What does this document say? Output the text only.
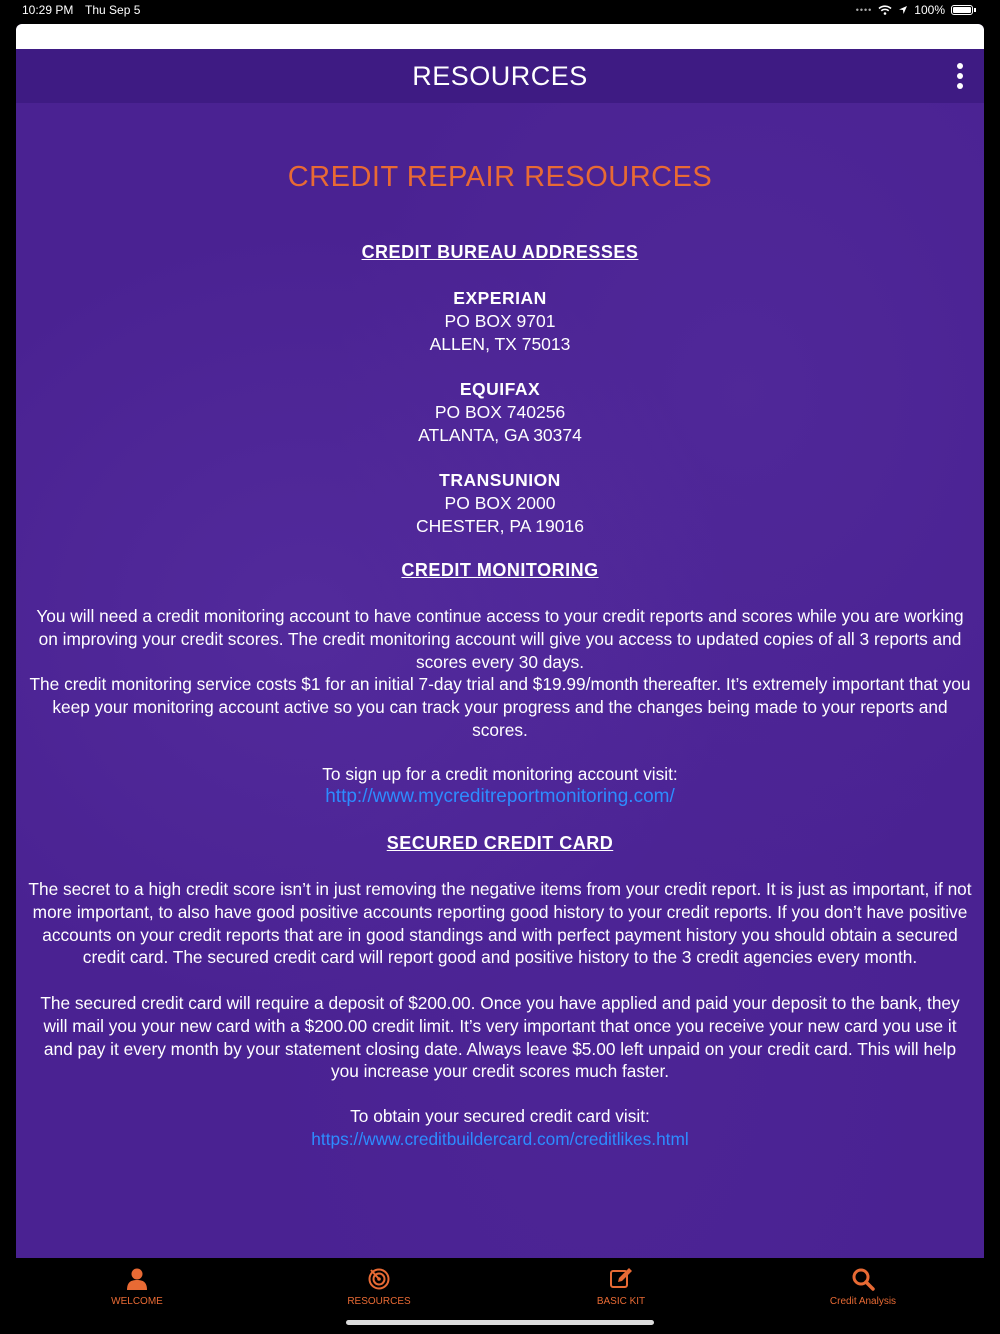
10:29 PM Thu Sep 5	••••	100%
RESOURCES
CREDIT REPAIR RESOURCES
CREDIT BUREAU ADDRESSES
EXPERIAN
PO BOX 9701
ALLEN, TX 75013
EQUIFAX
PO BOX 740256
ATLANTA, GA 30374
TRANSUNION
PO BOX 2000
CHESTER, PA 19016
CREDIT MONITORING
You will need a credit monitoring account to have continue access to your credit reports and scores while you are working on improving your credit scores. The credit monitoring account will give you access to updated copies of all 3 reports and scores every 30 days.
The credit monitoring service costs $1 for an initial 7-day trial and $19.99/month thereafter. It’s extremely important that you keep your monitoring account active so you can track your progress and the changes being made to your reports and scores.
To sign up for a credit monitoring account visit:
http://www.mycreditreportmonitoring.com/
SECURED CREDIT CARD
The secret to a high credit score isn’t in just removing the negative items from your credit report. It is just as important, if not more important, to also have good positive accounts reporting good history to your credit reports. If you don’t have positive accounts on your credit reports that are in good standings and with perfect payment history you should obtain a secured credit card. The secured credit card will report good and positive history to the 3 credit agencies every month.
The secured credit card will require a deposit of $200.00. Once you have applied and paid your deposit to the bank, they will mail you your new card with a $200.00 credit limit. It’s very important that once you receive your new card you use it and pay it every month by your statement closing date. Always leave $5.00 left unpaid on your credit card. This will help you increase your credit scores much faster.
To obtain your secured credit card visit:
https://www.creditbuildercard.com/creditlikes.html
WELCOME	RESOURCES	BASIC KIT	Credit Analysis
